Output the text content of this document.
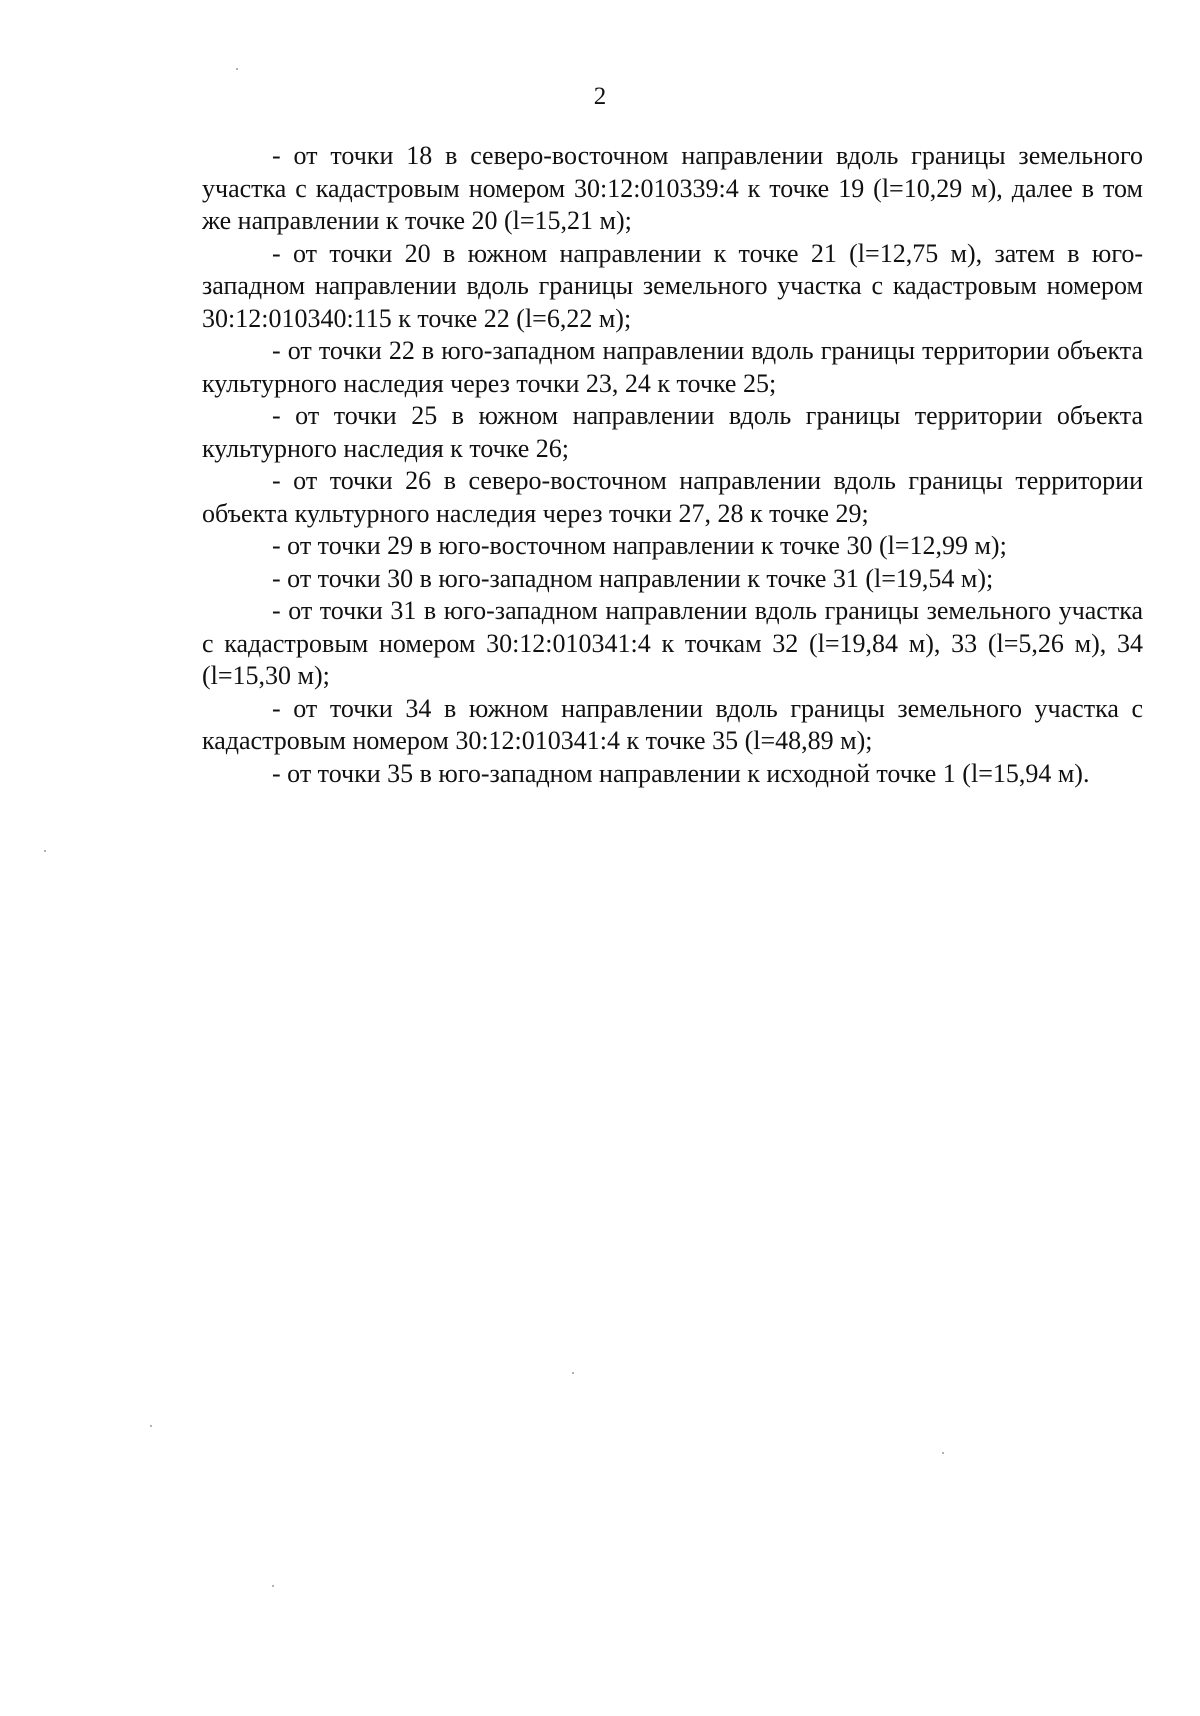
2

- от точки 18 в северо-восточном направлении вдоль границы земельного участка с кадастровым номером 30:12:010339:4 к точке 19 (l=10,29 м), далее в том же направлении к точке 20 (l=15,21 м);

- от точки 20 в южном направлении к точке 21 (l=12,75 м), затем в юго-западном направлении вдоль границы земельного участка с кадастровым номером 30:12:010340:115 к точке 22 (l=6,22 м);

- от точки 22 в юго-западном направлении вдоль границы территории объекта культурного наследия через точки 23, 24 к точке 25;

- от точки 25 в южном направлении вдоль границы территории объекта культурного наследия к точке 26;

- от точки 26 в северо-восточном направлении вдоль границы территории объекта культурного наследия через точки 27, 28 к точке 29;

- от точки 29 в юго-восточном направлении к точке 30 (l=12,99 м);

- от точки 30 в юго-западном направлении к точке 31 (l=19,54 м);

- от точки 31 в юго-западном направлении вдоль границы земельного участка с кадастровым номером 30:12:010341:4 к точкам 32 (l=19,84 м), 33 (l=5,26 м), 34 (l=15,30 м);

- от точки 34 в южном направлении вдоль границы земельного участка с кадастровым номером 30:12:010341:4 к точке 35 (l=48,89 м);

- от точки 35 в юго-западном направлении к исходной точке 1 (l=15,94 м).
